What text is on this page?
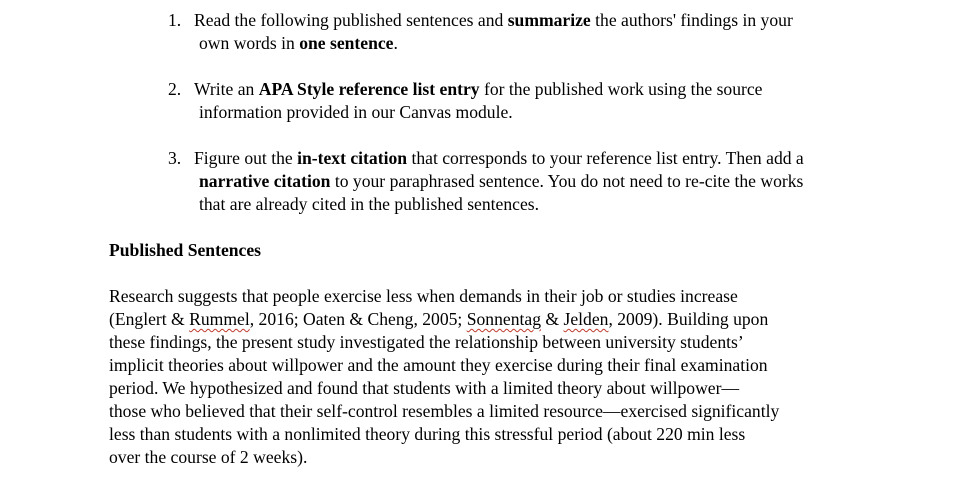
1. Read the following published sentences and summarize the authors' findings in your
own words in one sentence.
2. Write an APA Style reference list entry for the published work using the source
information provided in our Canvas module.
3. Figure out the in-text citation that corresponds to your reference list entry. Then add a
narrative citation to your paraphrased sentence. You do not need to re-cite the works
that are already cited in the published sentences.
Published Sentences
Research suggests that people exercise less when demands in their job or studies increase
(Englert & Rummel, 2016; Oaten & Cheng, 2005; Sonnentag & Jelden, 2009). Building upon
these findings, the present study investigated the relationship between university students’
implicit theories about willpower and the amount they exercise during their final examination
period. We hypothesized and found that students with a limited theory about willpower—
those who believed that their self-control resembles a limited resource—exercised significantly
less than students with a nonlimited theory during this stressful period (about 220 min less
over the course of 2 weeks).
